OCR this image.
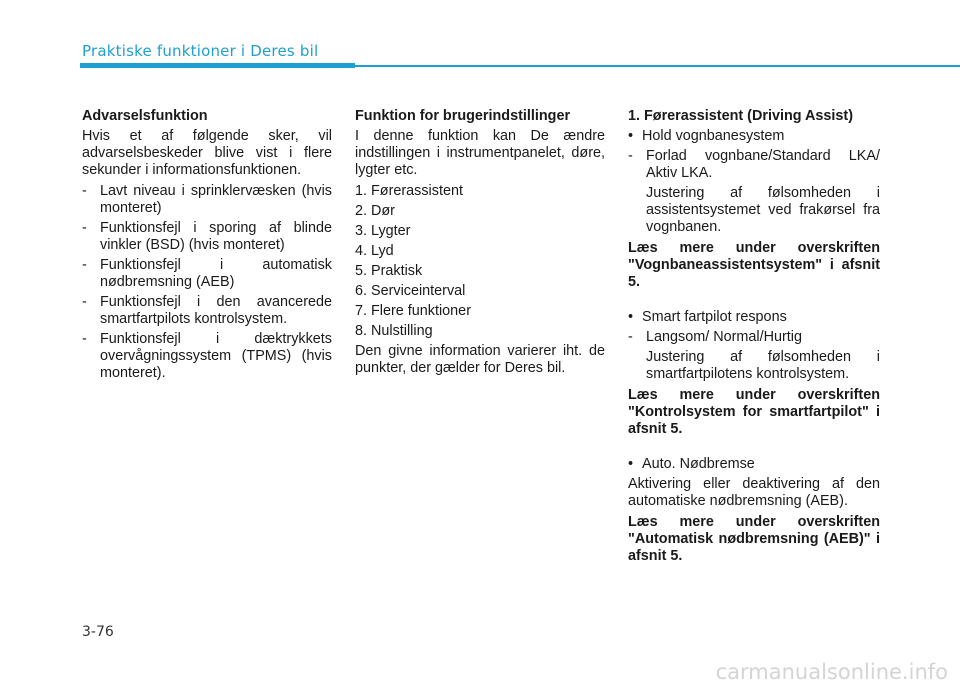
Praktiske funktioner i Deres bil
Advarselsfunktion
Hvis et af følgende sker, vil advarselsbeskeder blive vist i flere sekunder i informationsfunktionen.
- Lavt niveau i sprinklervæsken (hvis monteret)
- Funktionsfejl i sporing af blinde vinkler (BSD) (hvis monteret)
- Funktionsfejl i automatisk nødbremsning (AEB)
- Funktionsfejl i den avancerede smartfartpilots kontrolsystem.
- Funktionsfejl i dæktrykkets overvågningssystem (TPMS) (hvis monteret).
Funktion for brugerindstillinger
I denne funktion kan De ændre indstillingen i instrumentpanelet, døre, lygter etc.
1. Førerassistent
2. Dør
3. Lygter
4. Lyd
5. Praktisk
6. Serviceinterval
7. Flere funktioner
8. Nulstilling
Den givne information varierer iht. de punkter, der gælder for Deres bil.
1. Førerassistent (Driving Assist)
• Hold vognbanesystem
- Forlad vognbane/Standard LKA/ Aktiv LKA.
Justering af følsomheden i assistentsystemet ved frakørsel fra vognbanen.
Læs mere under overskriften "Vognbaneassistentsystem" i afsnit 5.
• Smart fartpilot respons
- Langsom/ Normal/Hurtig
Justering af følsomheden i smartfartpilotens kontrolsystem.
Læs mere under overskriften "Kontrolsystem for smartfartpilot" i afsnit 5.
• Auto. Nødbremse
Aktivering eller deaktivering af den automatiske nødbremsning (AEB).
Læs mere under overskriften "Automatisk nødbremsning (AEB)" i afsnit 5.
3-76
carmanualsonline.info
